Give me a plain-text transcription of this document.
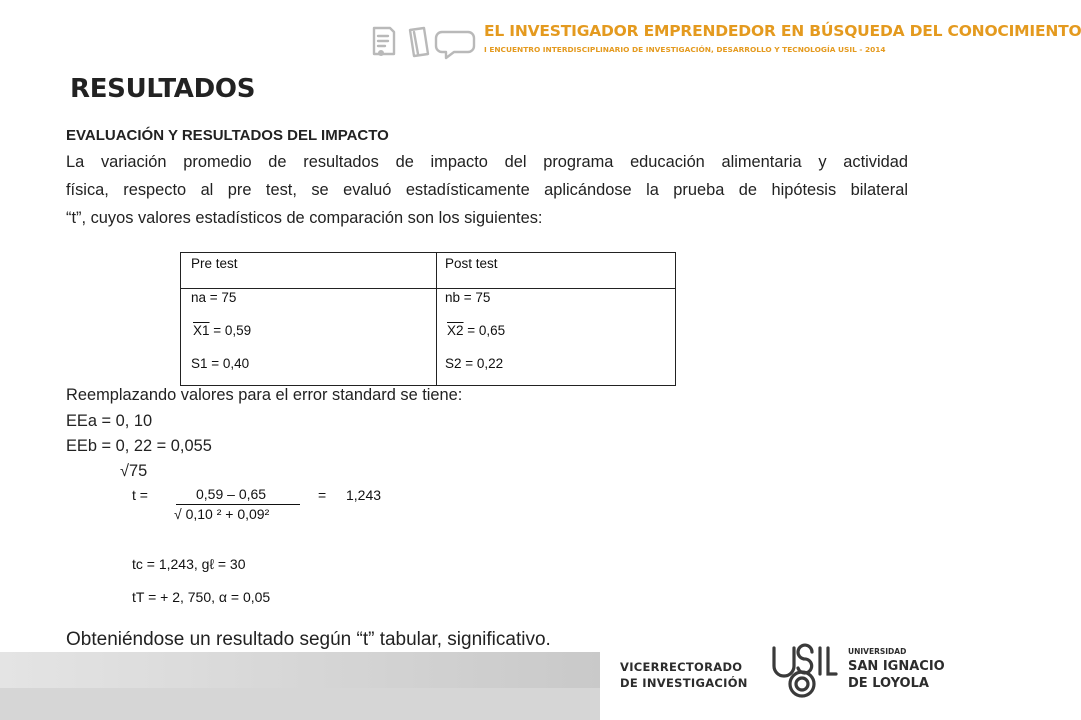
EL INVESTIGADOR EMPRENDEDOR EN BÚSQUEDA DEL CONOCIMIENTO
I ENCUENTRO INTERDISCIPLINARIO DE INVESTIGACIÓN, DESARROLLO Y TECNOLOGÍA USIL - 2014
RESULTADOS
EVALUACIÓN Y RESULTADOS DEL IMPACTO
La variación promedio de resultados de impacto del programa educación alimentaria y actividad
física, respecto al pre test, se evaluó estadísticamente aplicándose la prueba de hipótesis bilateral
“t”, cuyos valores estadísticos de comparación son los siguientes:
Pre test	Post test
na = 75
X1 = 0,59
S1 = 0,40
nb = 75
X2 = 0,65
S2 = 0,22
Reemplazando valores para el error standard se tiene:
EEa = 0, 10
EEb = 0, 22 = 0,055
√75
t =	0,59 – 0,65
√ 0,10 ² + 0,09²
= 1,243
tc = 1,243, gℓ = 30
tT = + 2, 750, α = 0,05
Obteniéndose un resultado según “t” tabular, significativo.
VICERRECTORADO
DE INVESTIGACIÓN
UNIVERSIDAD
SAN IGNACIO
DE LOYOLA
